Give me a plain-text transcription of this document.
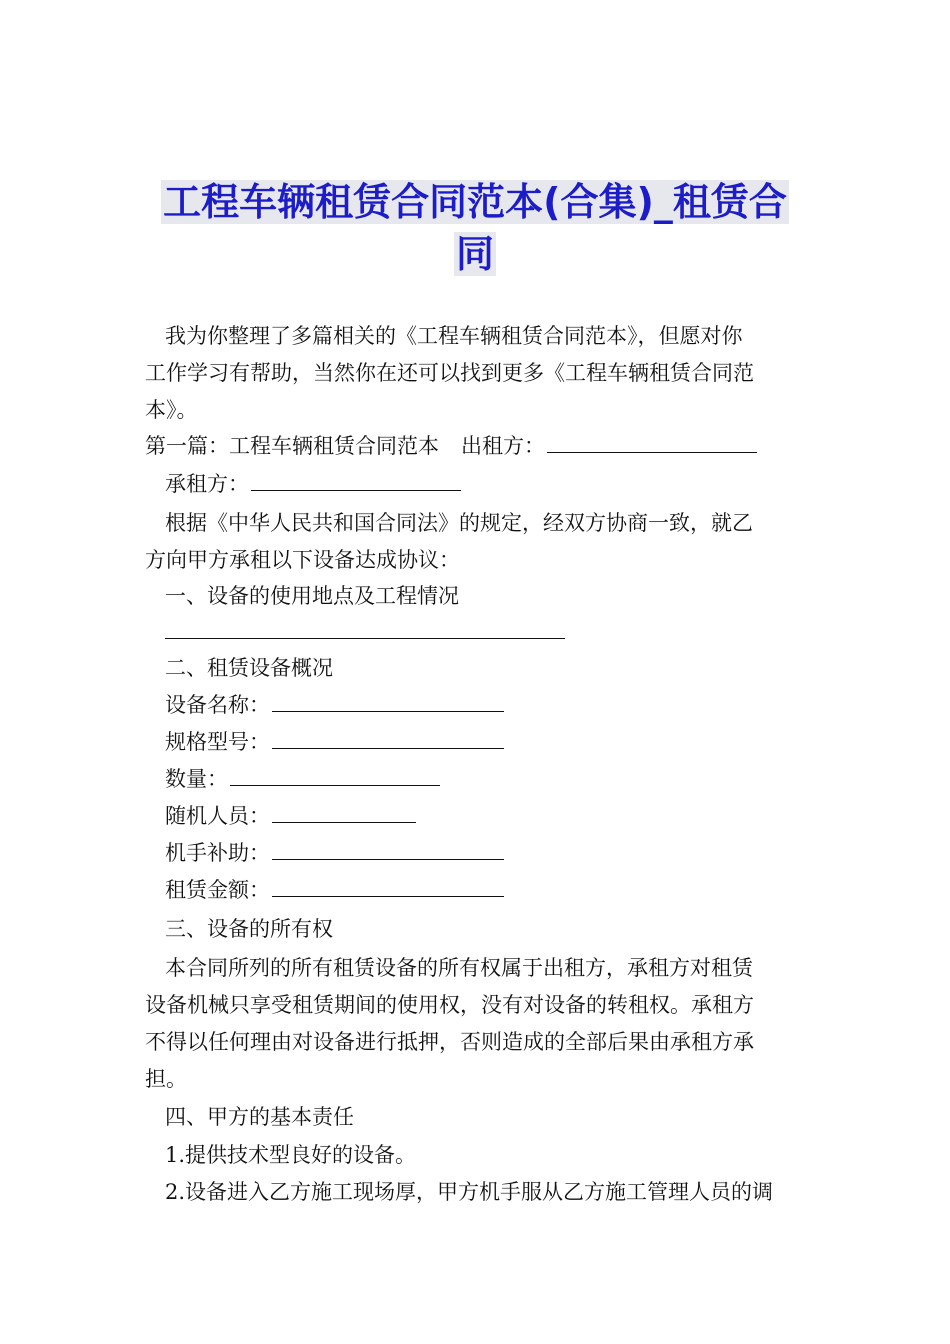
工程车辆租赁合同范本(合集)_租赁合
同

我为你整理了多篇相关的《工程车辆租赁合同范本》，但愿对你

工作学习有帮助，当然你在还可以找到更多《工程车辆租赁合同范

本》。

第一篇：工程车辆租赁合同范本 出租方：

承租方：

根据《中华人民共和国合同法》的规定，经双方协商一致，就乙

方向甲方承租以下设备达成协议：

一、设备的使用地点及工程情况

二、租赁设备概况

设备名称：

规格型号：

数量：

随机人员：

机手补助：

租赁金额：

三、设备的所有权

本合同所列的所有租赁设备的所有权属于出租方，承租方对租赁

设备机械只享受租赁期间的使用权，没有对设备的转租权。承租方

不得以任何理由对设备进行抵押，否则造成的全部后果由承租方承

担。

四、甲方的基本责任

1.提供技术型良好的设备。

2.设备进入乙方施工现场厚，甲方机手服从乙方施工管理人员的调
